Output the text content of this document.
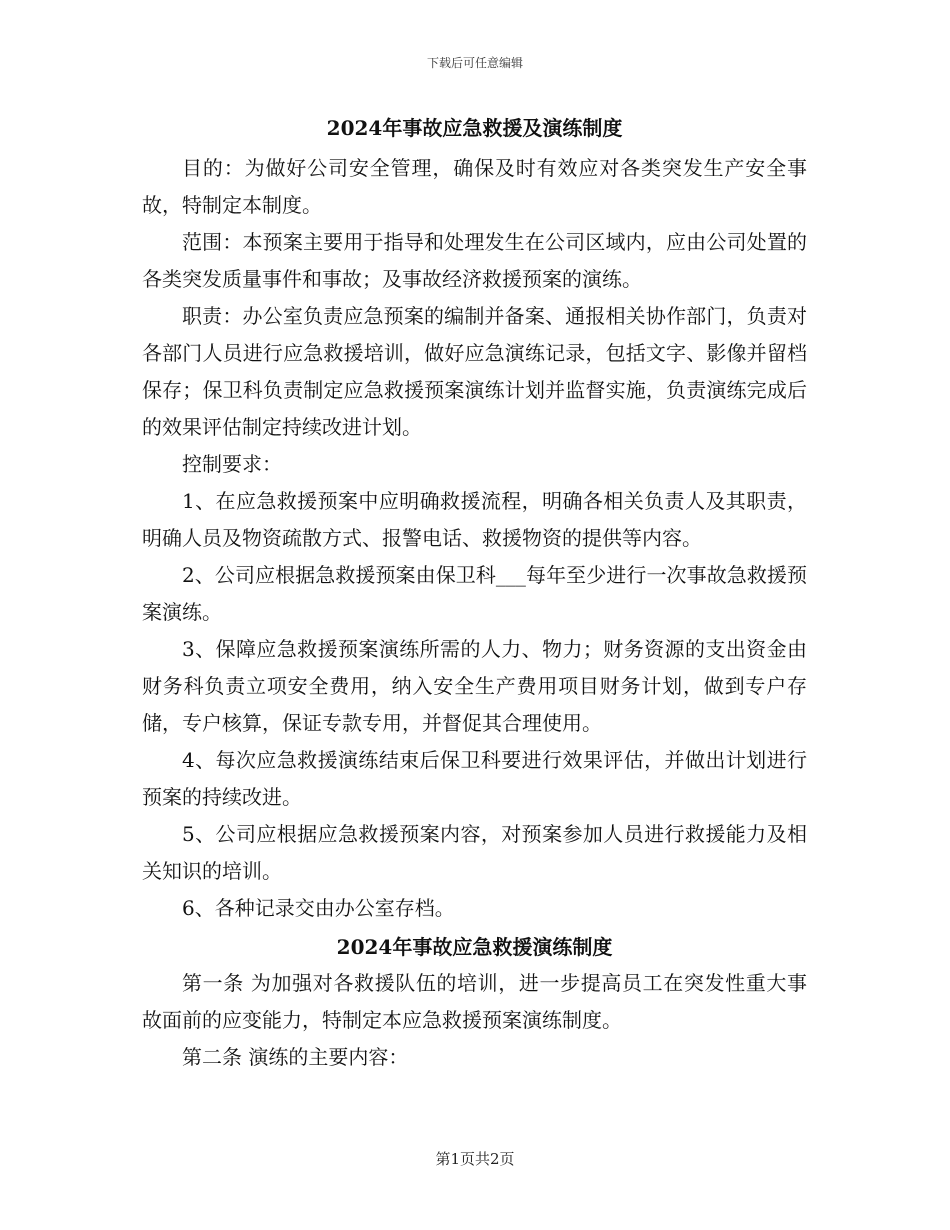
下载后可任意编辑
2024年事故应急救援及演练制度

目的：为做好公司安全管理，确保及时有效应对各类突发生产安全事故，特制定本制度。

范围：本预案主要用于指导和处理发生在公司区域内，应由公司处置的各类突发质量事件和事故；及事故经济救援预案的演练。

职责：办公室负责应急预案的编制并备案、通报相关协作部门，负责对各部门人员进行应急救援培训，做好应急演练记录，包括文字、影像并留档保存；保卫科负责制定应急救援预案演练计划并监督实施，负责演练完成后的效果评估制定持续改进计划。

控制要求：

1、在应急救援预案中应明确救援流程，明确各相关负责人及其职责，明确人员及物资疏散方式、报警电话、救援物资的提供等内容。

2、公司应根据急救援预案由保卫科___每年至少进行一次事故急救援预案演练。

3、保障应急救援预案演练所需的人力、物力；财务资源的支出资金由财务科负责立项安全费用，纳入安全生产费用项目财务计划，做到专户存储，专户核算，保证专款专用，并督促其合理使用。

4、每次应急救援演练结束后保卫科要进行效果评估，并做出计划进行预案的持续改进。

5、公司应根据应急救援预案内容，对预案参加人员进行救援能力及相关知识的培训。

6、各种记录交由办公室存档。

2024年事故应急救援演练制度

第一条 为加强对各救援队伍的培训，进一步提高员工在突发性重大事故面前的应变能力，特制定本应急救援预案演练制度。

第二条 演练的主要内容：

第1页共2页
